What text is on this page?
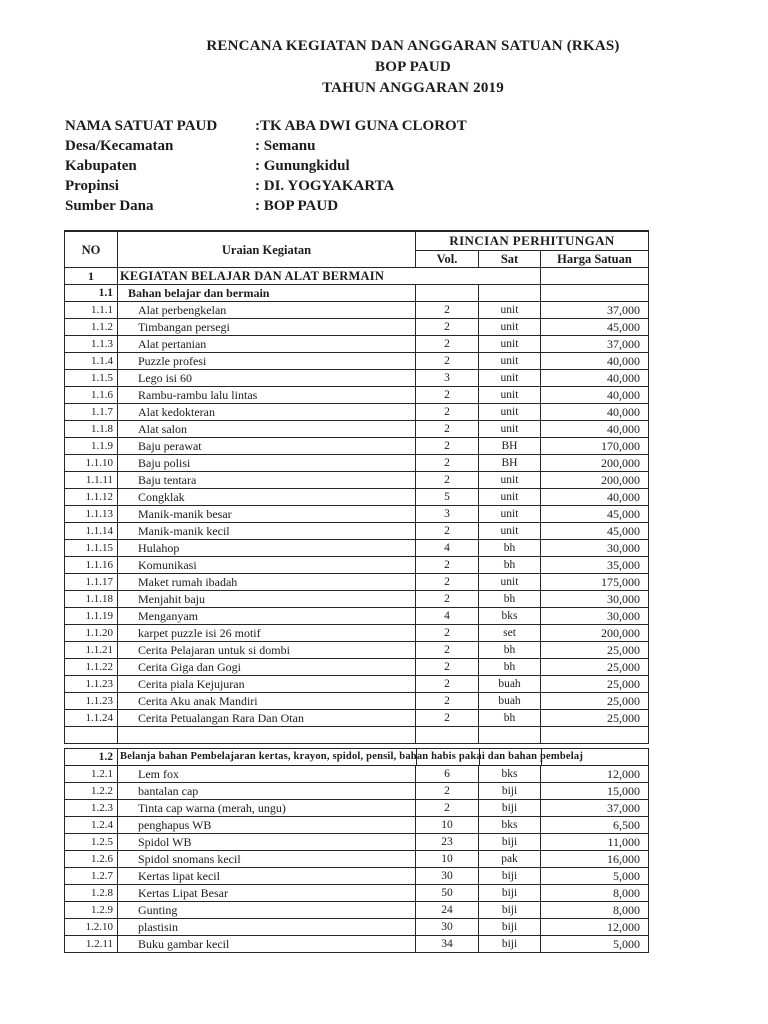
RENCANA KEGIATAN DAN ANGGARAN SATUAN (RKAS)
BOP PAUD
TAHUN ANGGARAN 2019
NAMA SATUAT PAUD	:TK ABA DWI GUNA CLOROT
Desa/Kecamatan	: Semanu
Kabupaten	: Gunungkidul
Propinsi	: DI. YOGYAKARTA
Sumber Dana	: BOP PAUD
NO	Uraian Kegiatan	RINCIAN PERHITUNGAN		
		Vol.	Sat	Harga Satuan
1	KEGIATAN BELAJAR DAN ALAT BERMAIN			
1.1	Bahan belajar dan bermain			
1.1.1	Alat perbengkelan	2	unit	37,000
1.1.2	Timbangan persegi	2	unit	45,000
1.1.3	Alat pertanian	2	unit	37,000
1.1.4	Puzzle profesi	2	unit	40,000
1.1.5	Lego isi 60	3	unit	40,000
1.1.6	Rambu-rambu lalu lintas	2	unit	40,000
1.1.7	Alat kedokteran	2	unit	40,000
1.1.8	Alat salon	2	unit	40,000
1.1.9	Baju perawat	2	BH	170,000
1.1.10	Baju polisi	2	BH	200,000
1.1.11	Baju tentara	2	unit	200,000
1.1.12	Congklak	5	unit	40,000
1.1.13	Manik-manik besar	3	unit	45,000
1.1.14	Manik-manik kecil	2	unit	45,000
1.1.15	Hulahop	4	bh	30,000
1.1.16	Komunikasi	2	bh	35,000
1.1.17	Maket rumah ibadah	2	unit	175,000
1.1.18	Menjahit baju	2	bh	30,000
1.1.19	Menganyam	4	bks	30,000
1.1.20	karpet puzzle isi 26 motif	2	set	200,000
1.1.21	Cerita Pelajaran untuk si dombi	2	bh	25,000
1.1.22	Cerita Giga dan Gogi	2	bh	25,000
1.1.23	Cerita piala Kejujuran	2	buah	25,000
1.1.23	Cerita Aku anak Mandiri	2	buah	25,000
1.1.24	Cerita Petualangan Rara Dan Otan	2	bh	25,000

1.2	Belanja bahan Pembelajaran kertas, krayon, spidol, pensil, bahan habis pakai dan bahan pembelaj			
1.2.1	Lem fox	6	bks	12,000
1.2.2	bantalan cap	2	biji	15,000
1.2.3	Tinta cap warna (merah, ungu)	2	biji	37,000
1.2.4	penghapus WB	10	bks	6,500
1.2.5	Spidol WB	23	biji	11,000
1.2.6	Spidol snomans kecil	10	pak	16,000
1.2.7	Kertas lipat kecil	30	biji	5,000
1.2.8	Kertas Lipat Besar	50	biji	8,000
1.2.9	Gunting	24	biji	8,000
1.2.10	plastisin	30	biji	12,000
1.2.11	Buku gambar kecil	34	biji	5,000
